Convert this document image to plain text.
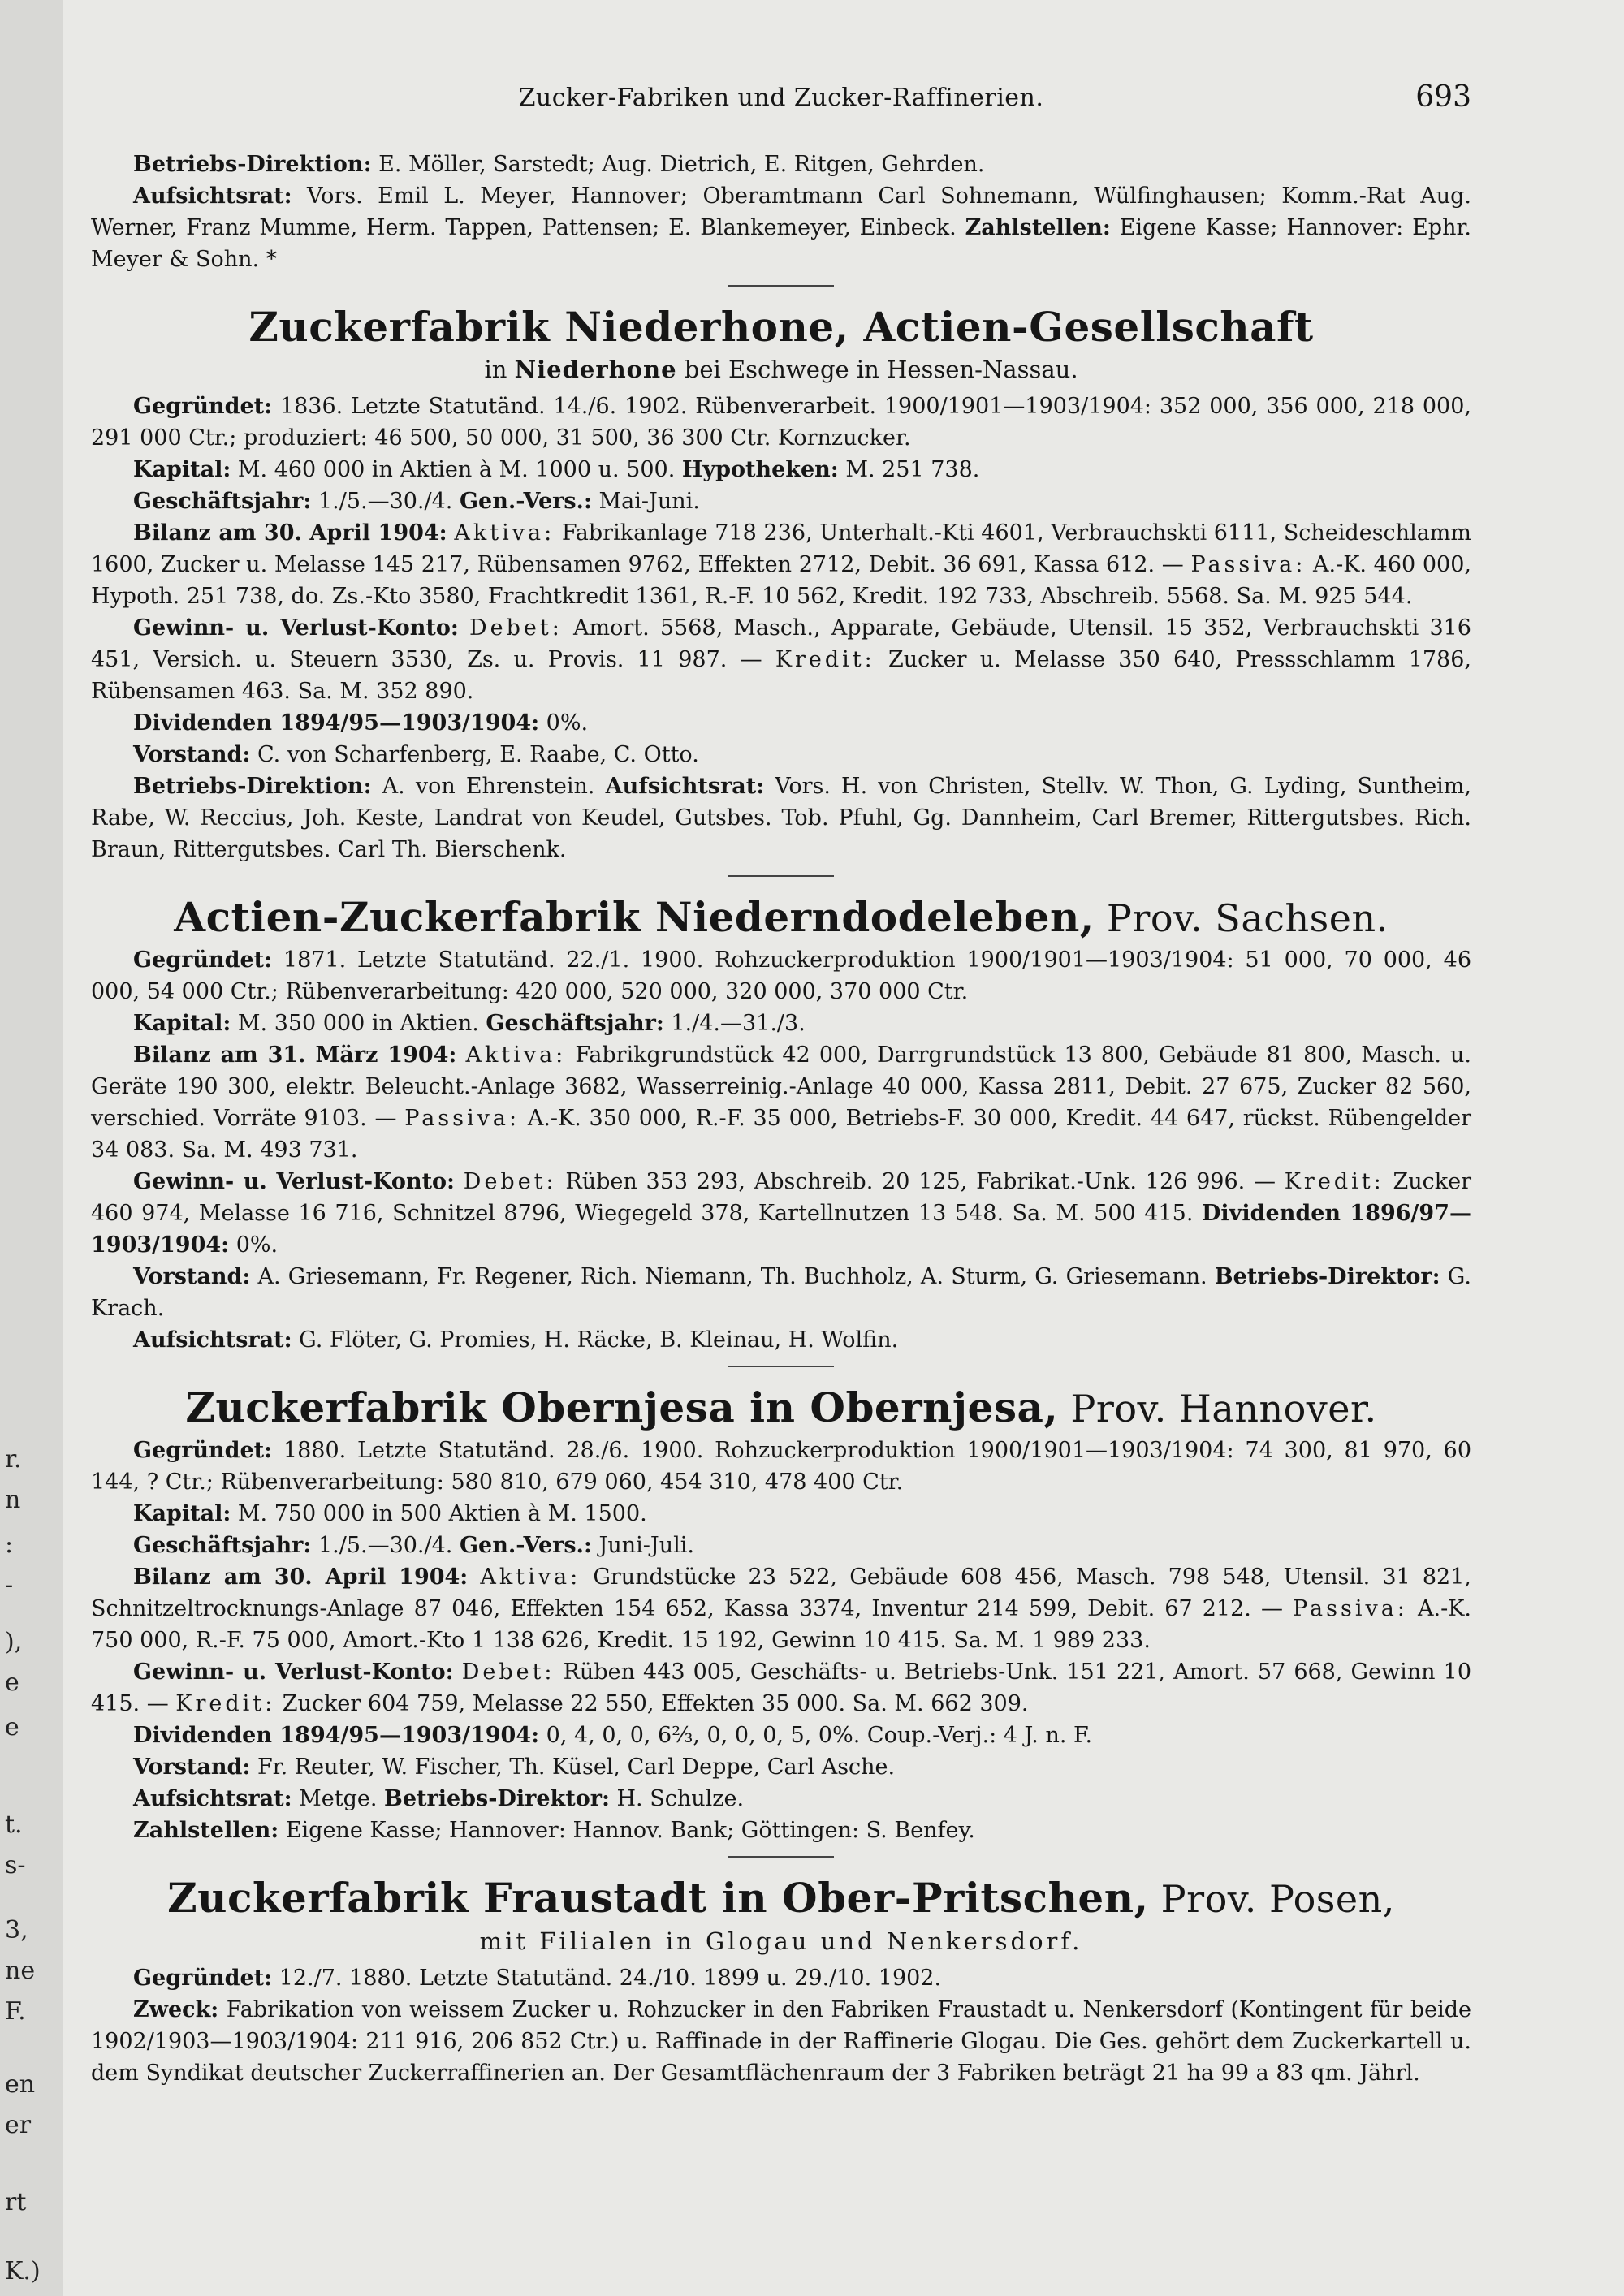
r.
n
:
-
),
e
e
t.
s-
3,
ne
F.
en
er
rt
K.)
Zucker-Fabriken und Zucker-Raffinerien.	693

Betriebs-Direktion: E. Möller, Sarstedt; Aug. Dietrich, E. Ritgen, Gehrden.

Aufsichtsrat: Vors. Emil L. Meyer, Hannover; Oberamtmann Carl Sohnemann, Wülfinghausen; Komm.-Rat Aug. Werner, Franz Mumme, Herm. Tappen, Pattensen; E. Blankemeyer, Einbeck. Zahlstellen: Eigene Kasse; Hannover: Ephr. Meyer & Sohn. *

Zuckerfabrik Niederhone, Actien-Gesellschaft
in Niederhone bei Eschwege in Hessen-Nassau.

Gegründet: 1836. Letzte Statutänd. 14./6. 1902. Rübenverarbeit. 1900/1901—1903/1904: 352 000, 356 000, 218 000, 291 000 Ctr.; produziert: 46 500, 50 000, 31 500, 36 300 Ctr. Kornzucker.

Kapital: M. 460 000 in Aktien à M. 1000 u. 500. Hypotheken: M. 251 738.

Geschäftsjahr: 1./5.—30./4. Gen.-Vers.: Mai-Juni.

Bilanz am 30. April 1904: Aktiva: Fabrikanlage 718 236, Unterhalt.-Kti 4601, Verbrauchskti 6111, Scheideschlamm 1600, Zucker u. Melasse 145 217, Rübensamen 9762, Effekten 2712, Debit. 36 691, Kassa 612. — Passiva: A.-K. 460 000, Hypoth. 251 738, do. Zs.-Kto 3580, Frachtkredit 1361, R.-F. 10 562, Kredit. 192 733, Abschreib. 5568. Sa. M. 925 544.

Gewinn- u. Verlust-Konto: Debet: Amort. 5568, Masch., Apparate, Gebäude, Utensil. 15 352, Verbrauchskti 316 451, Versich. u. Steuern 3530, Zs. u. Provis. 11 987. — Kredit: Zucker u. Melasse 350 640, Pressschlamm 1786, Rübensamen 463. Sa. M. 352 890.

Dividenden 1894/95—1903/1904: 0%.

Vorstand: C. von Scharfenberg, E. Raabe, C. Otto.

Betriebs-Direktion: A. von Ehrenstein. Aufsichtsrat: Vors. H. von Christen, Stellv. W. Thon, G. Lyding, Suntheim, Rabe, W. Reccius, Joh. Keste, Landrat von Keudel, Gutsbes. Tob. Pfuhl, Gg. Dannheim, Carl Bremer, Rittergutsbes. Rich. Braun, Rittergutsbes. Carl Th. Bierschenk.

Actien-Zuckerfabrik Niederndodeleben, Prov. Sachsen.

Gegründet: 1871. Letzte Statutänd. 22./1. 1900. Rohzuckerproduktion 1900/1901—1903/1904: 51 000, 70 000, 46 000, 54 000 Ctr.; Rübenverarbeitung: 420 000, 520 000, 320 000, 370 000 Ctr.

Kapital: M. 350 000 in Aktien. Geschäftsjahr: 1./4.—31./3.

Bilanz am 31. März 1904: Aktiva: Fabrikgrundstück 42 000, Darrgrundstück 13 800, Gebäude 81 800, Masch. u. Geräte 190 300, elektr. Beleucht.-Anlage 3682, Wasserreinig.-Anlage 40 000, Kassa 2811, Debit. 27 675, Zucker 82 560, verschied. Vorräte 9103. — Passiva: A.-K. 350 000, R.-F. 35 000, Betriebs-F. 30 000, Kredit. 44 647, rückst. Rübengelder 34 083. Sa. M. 493 731.

Gewinn- u. Verlust-Konto: Debet: Rüben 353 293, Abschreib. 20 125, Fabrikat.-Unk. 126 996. — Kredit: Zucker 460 974, Melasse 16 716, Schnitzel 8796, Wiegegeld 378, Kartellnutzen 13 548. Sa. M. 500 415. Dividenden 1896/97—1903/1904: 0%.

Vorstand: A. Griesemann, Fr. Regener, Rich. Niemann, Th. Buchholz, A. Sturm, G. Griesemann. Betriebs-Direktor: G. Krach.

Aufsichtsrat: G. Flöter, G. Promies, H. Räcke, B. Kleinau, H. Wolfin.

Zuckerfabrik Obernjesa in Obernjesa, Prov. Hannover.

Gegründet: 1880. Letzte Statutänd. 28./6. 1900. Rohzuckerproduktion 1900/1901—1903/1904: 74 300, 81 970, 60 144, ? Ctr.; Rübenverarbeitung: 580 810, 679 060, 454 310, 478 400 Ctr.

Kapital: M. 750 000 in 500 Aktien à M. 1500.

Geschäftsjahr: 1./5.—30./4. Gen.-Vers.: Juni-Juli.

Bilanz am 30. April 1904: Aktiva: Grundstücke 23 522, Gebäude 608 456, Masch. 798 548, Utensil. 31 821, Schnitzeltrocknungs-Anlage 87 046, Effekten 154 652, Kassa 3374, Inventur 214 599, Debit. 67 212. — Passiva: A.-K. 750 000, R.-F. 75 000, Amort.-Kto 1 138 626, Kredit. 15 192, Gewinn 10 415. Sa. M. 1 989 233.

Gewinn- u. Verlust-Konto: Debet: Rüben 443 005, Geschäfts- u. Betriebs-Unk. 151 221, Amort. 57 668, Gewinn 10 415. — Kredit: Zucker 604 759, Melasse 22 550, Effekten 35 000. Sa. M. 662 309.

Dividenden 1894/95—1903/1904: 0, 4, 0, 0, 6⅔, 0, 0, 0, 5, 0%. Coup.-Verj.: 4 J. n. F.

Vorstand: Fr. Reuter, W. Fischer, Th. Küsel, Carl Deppe, Carl Asche.

Aufsichtsrat: Metge. Betriebs-Direktor: H. Schulze.

Zahlstellen: Eigene Kasse; Hannover: Hannov. Bank; Göttingen: S. Benfey.

Zuckerfabrik Fraustadt in Ober-Pritschen, Prov. Posen,
mit Filialen in Glogau und Nenkersdorf.

Gegründet: 12./7. 1880. Letzte Statutänd. 24./10. 1899 u. 29./10. 1902.

Zweck: Fabrikation von weissem Zucker u. Rohzucker in den Fabriken Fraustadt u. Nenkersdorf (Kontingent für beide 1902/1903—1903/1904: 211 916, 206 852 Ctr.) u. Raffinade in der Raffinerie Glogau. Die Ges. gehört dem Zuckerkartell u. dem Syndikat deutscher Zuckerraffinerien an. Der Gesamtflächenraum der 3 Fabriken beträgt 21 ha 99 a 83 qm. Jährl.
